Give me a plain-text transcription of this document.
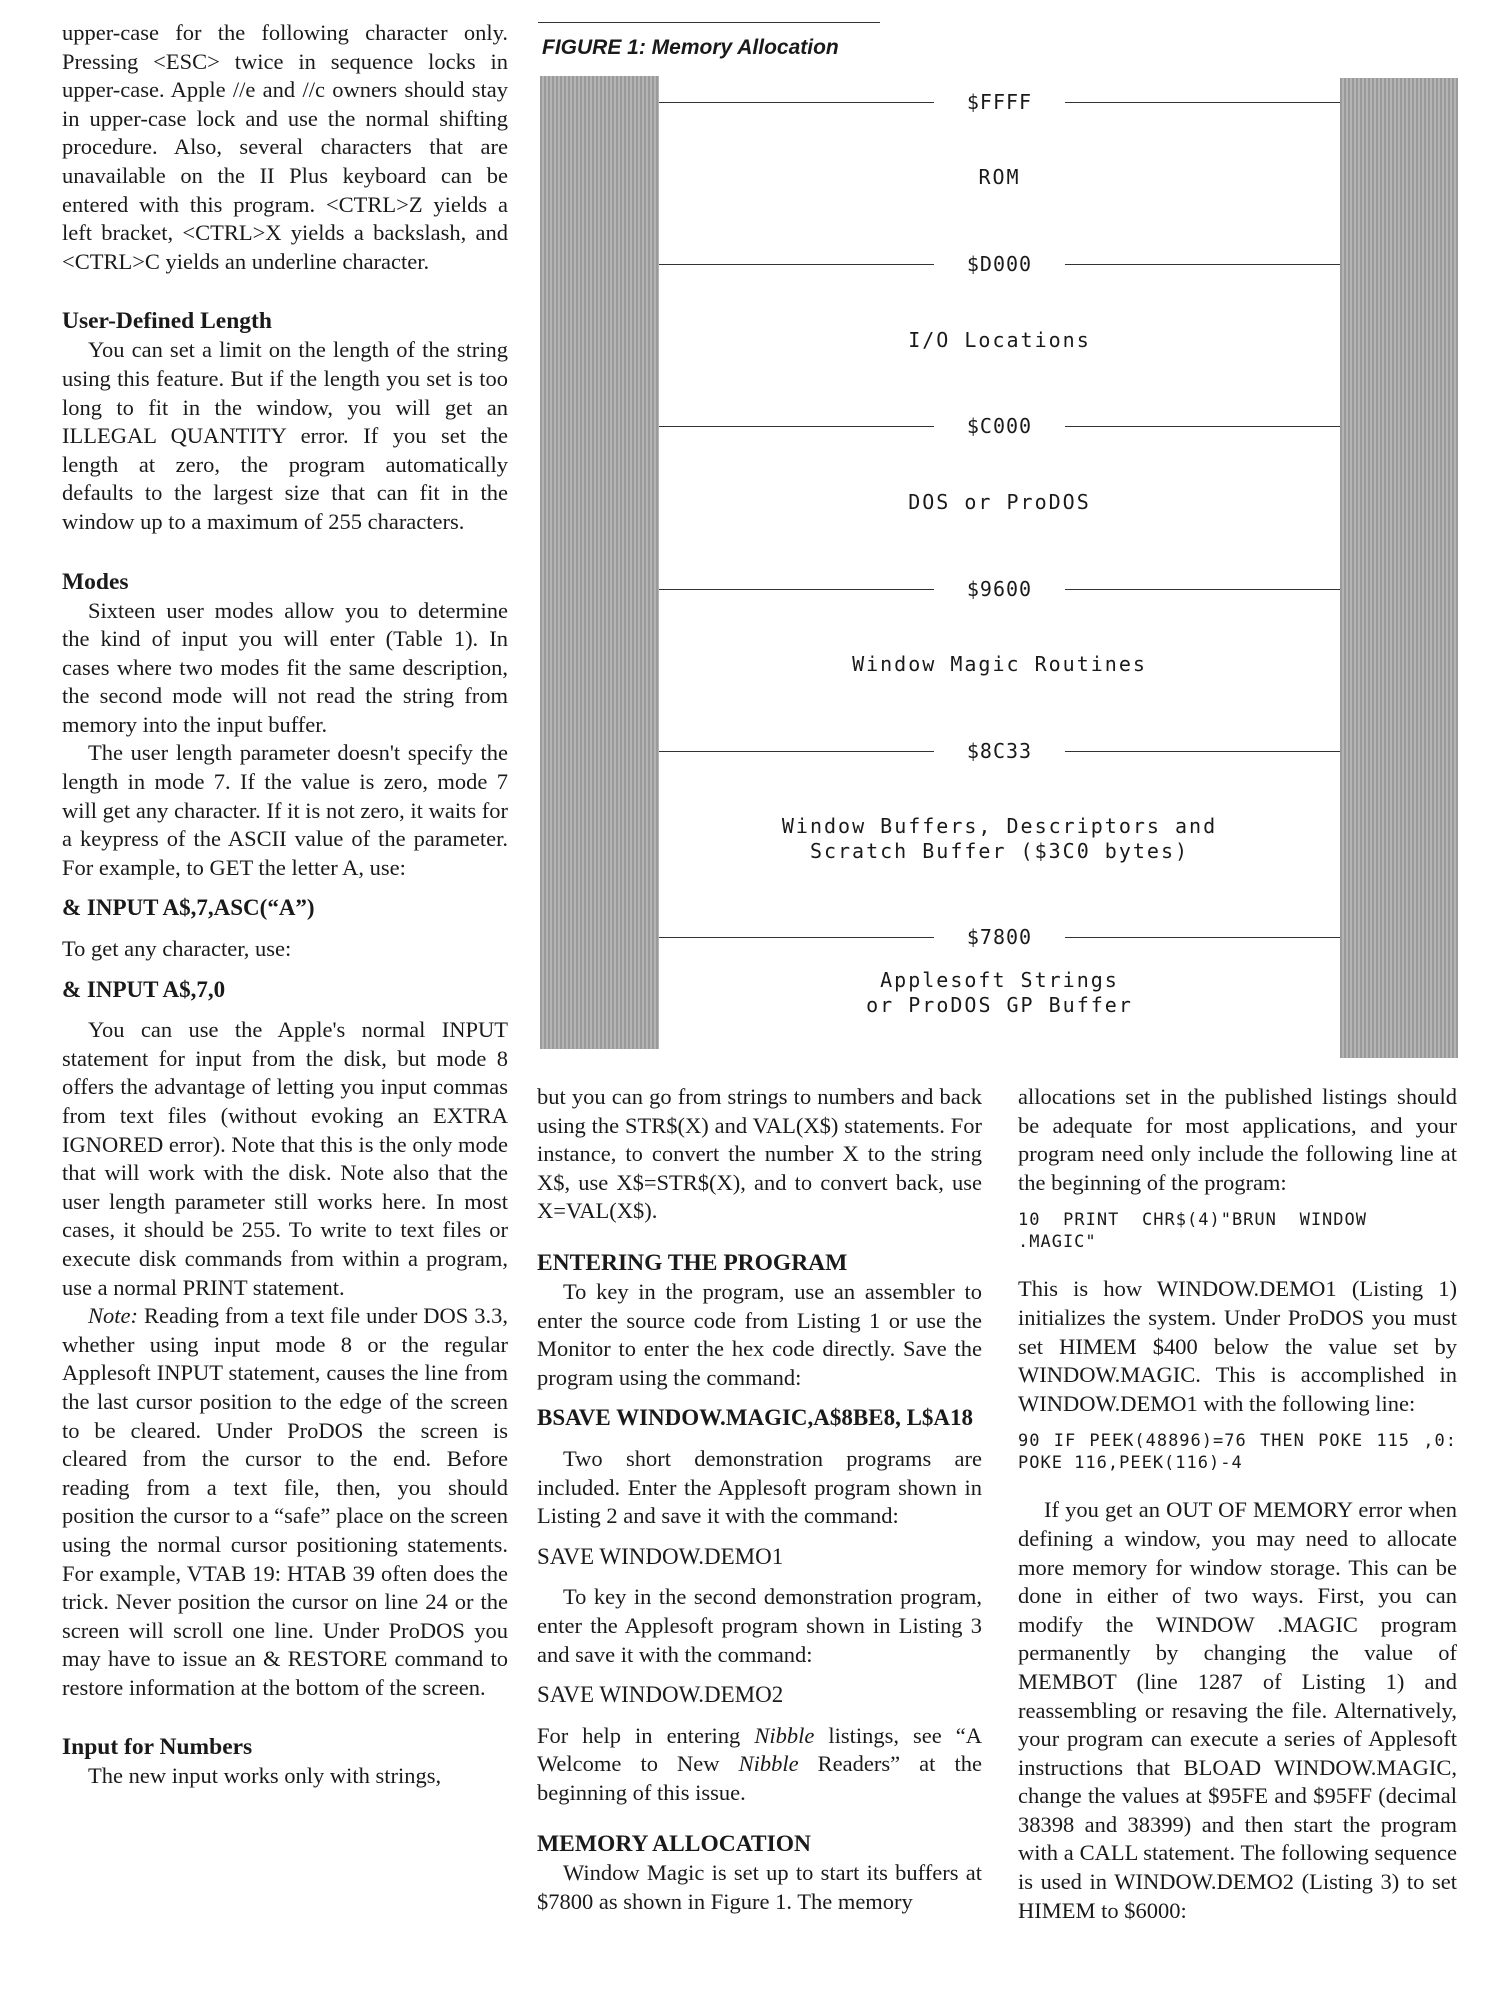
upper-case for the following character only. Pressing <ESC> twice in sequence locks in upper-case. Apple //e and //c owners should stay in upper-case lock and use the normal shifting procedure. Also, several characters that are unavailable on the II Plus keyboard can be entered with this program. <CTRL>Z yields a left bracket, <CTRL>X yields a backslash, and <CTRL>C yields an underline character.

User-Defined Length

You can set a limit on the length of the string using this feature. But if the length you set is too long to fit in the window, you will get an ILLEGAL QUANTITY error. If you set the length at zero, the program automatically defaults to the largest size that can fit in the window up to a maximum of 255 characters.

Modes

Sixteen user modes allow you to determine the kind of input you will enter (Table 1). In cases where two modes fit the same description, the second mode will not read the string from memory into the input buffer.

The user length parameter doesn't specify the length in mode 7. If the value is zero, mode 7 will get any character. If it is not zero, it waits for a keypress of the ASCII value of the parameter. For example, to GET the letter A, use:

& INPUT A$,7,ASC(“A”)

To get any character, use:

& INPUT A$,7,0

You can use the Apple's normal INPUT statement for input from the disk, but mode 8 offers the advantage of letting you input commas from text files (without evoking an EXTRA IGNORED error). Note that this is the only mode that will work with the disk. Note also that the user length parameter still works here. In most cases, it should be 255. To write to text files or execute disk commands from within a program, use a normal PRINT statement.

Note: Reading from a text file under DOS 3.3, whether using input mode 8 or the regular Applesoft INPUT statement, causes the line from the last cursor position to the edge of the screen to be cleared. Under ProDOS the screen is cleared from the cursor to the end. Before reading from a text file, then, you should position the cursor to a “safe” place on the screen using the normal cursor positioning statements. For example, VTAB 19: HTAB 39 often does the trick. Never position the cursor on line 24 or the screen will scroll one line. Under ProDOS you may have to issue an & RESTORE command to restore information at the bottom of the screen.

Input for Numbers

The new input works only with strings,

FIGURE 1: Memory Allocation
$FFFF
ROM
$D000
I/O Locations
$C000
DOS or ProDOS
$9600
Window Magic Routines
$8C33
Window Buffers, Descriptors and
Scratch Buffer ($3C0 bytes)
$7800
Applesoft Strings
or ProDOS GP Buffer

but you can go from strings to numbers and back using the STR$(X) and VAL(X$) statements. For instance, to convert the number X to the string X$, use X$=STR$(X), and to convert back, use X=VAL(X$).

ENTERING THE PROGRAM

To key in the program, use an assembler to enter the source code from Listing 1 or use the Monitor to enter the hex code directly. Save the program using the command:

BSAVE WINDOW.MAGIC,A$8BE8, L$A18

Two short demonstration programs are included. Enter the Applesoft program shown in Listing 2 and save it with the command:

SAVE WINDOW.DEMO1

To key in the second demonstration program, enter the Applesoft program shown in Listing 3 and save it with the command:

SAVE WINDOW.DEMO2

For help in entering Nibble listings, see “A Welcome to New Nibble Readers” at the beginning of this issue.

MEMORY ALLOCATION

Window Magic is set up to start its buffers at $7800 as shown in Figure 1. The memory

allocations set in the published listings should be adequate for most applications, and your program need only include the following line at the beginning of the program:

10 PRINT CHR$(4)"BRUN WINDOW .MAGIC"

This is how WINDOW.DEMO1 (Listing 1) initializes the system. Under ProDOS you must set HIMEM $400 below the value set by WINDOW.MAGIC. This is accomplished in WINDOW.DEMO1 with the following line:

90 IF PEEK(48896)=76 THEN POKE 115 ,0: POKE 116,PEEK(116)-4

If you get an OUT OF MEMORY error when defining a window, you may need to allocate more memory for window storage. This can be done in either of two ways. First, you can modify the WINDOW .MAGIC program permanently by changing the value of MEMBOT (line 1287 of Listing 1) and reassembling or resaving the file. Alternatively, your program can execute a series of Applesoft instructions that BLOAD WINDOW.MAGIC, change the values at $95FE and $95FF (decimal 38398 and 38399) and then start the program with a CALL statement. The following sequence is used in WINDOW.DEMO2 (Listing 3) to set HIMEM to $6000:
